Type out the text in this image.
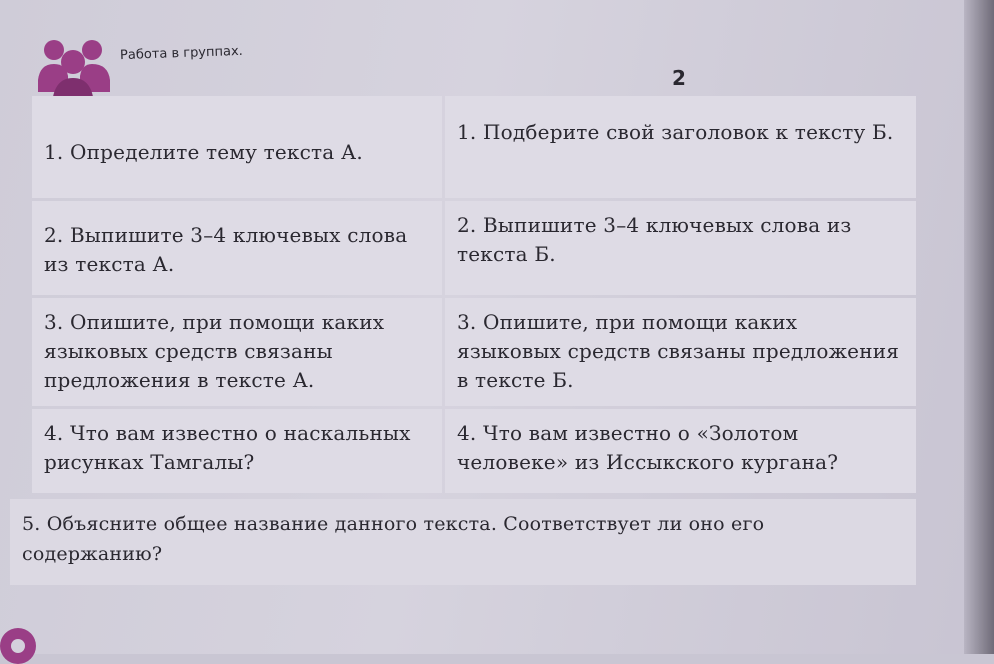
Работа в группах.
2
1. Определите тему текста А.
1. Подберите свой заголовок к тексту Б.
2. Выпишите 3–4 ключевых слова из текста А.
2. Выпишите 3–4 ключевых слова из текста Б.
3. Опишите, при помощи каких языковых средств связаны предложения в тексте А.
3. Опишите, при помощи каких языковых средств связаны предложения в тексте Б.
4. Что вам известно о наскальных рисунках Тамгалы?
4. Что вам известно о «Золотом человеке» из Иссыкского кургана?
5. Объясните общее название данного текста. Соответствует ли оно его содержанию?
